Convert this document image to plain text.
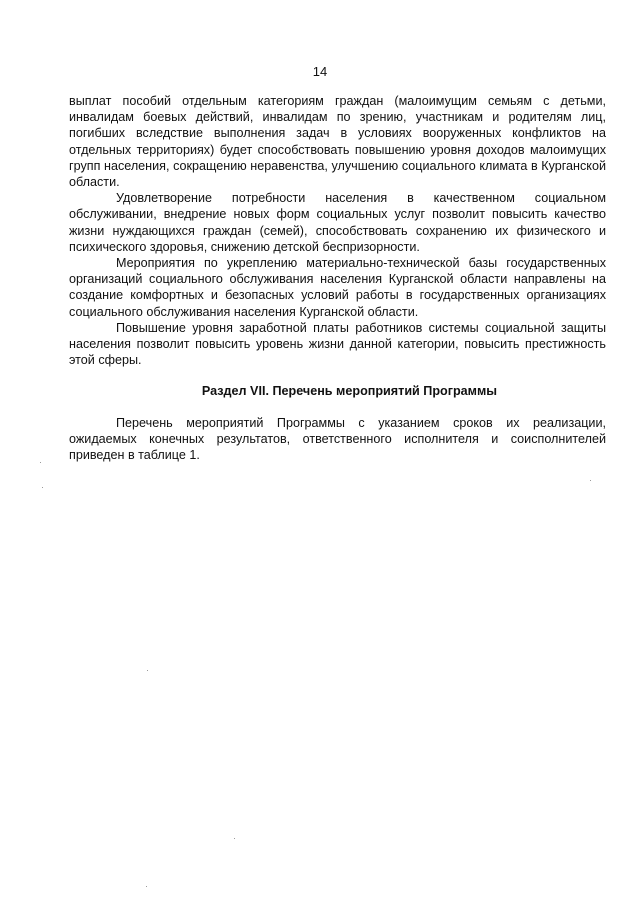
14

выплат пособий отдельным категориям граждан (малоимущим семьям с детьми, инвалидам боевых действий, инвалидам по зрению, участникам и родителям лиц, погибших вследствие выполнения задач в условиях вооруженных конфликтов на отдельных территориях) будет способствовать повышению уровня доходов малоимущих групп населения, сокращению неравенства, улучшению социального климата в Курганской области.

Удовлетворение потребности населения в качественном социальном обслуживании, внедрение новых форм социальных услуг позволит повысить качество жизни нуждающихся граждан (семей), способствовать сохранению их физического и психического здоровья, снижению детской беспризорности.

Мероприятия по укреплению материально-технической базы государственных организаций социального обслуживания населения Курганской области направлены на создание комфортных и безопасных условий работы в государственных организациях социального обслуживания населения Курганской области.

Повышение уровня заработной платы работников системы социальной защиты населения позволит повысить уровень жизни данной категории, повысить престижность этой сферы.

Раздел VII. Перечень мероприятий Программы

Перечень мероприятий Программы с указанием сроков их реализации, ожидаемых конечных результатов, ответственного исполнителя и соисполнителей приведен в таблице 1.
